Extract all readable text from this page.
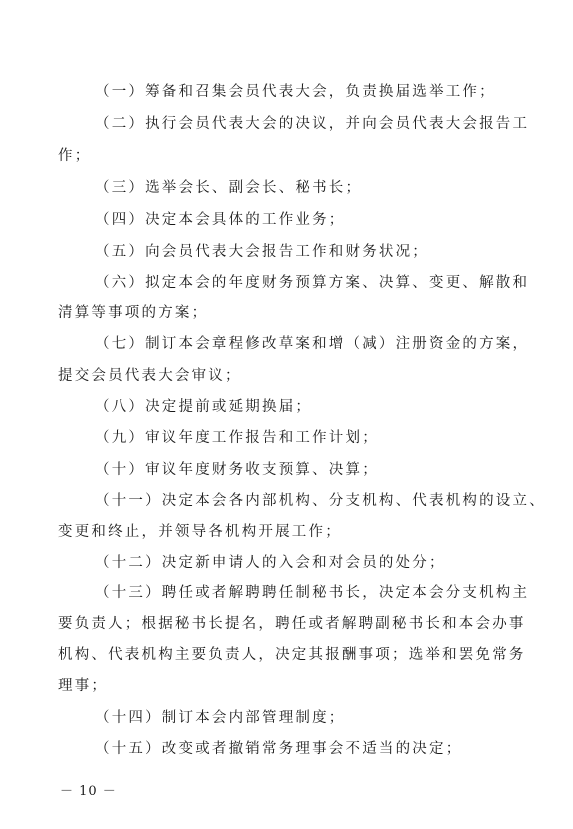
（一）筹备和召集会员代表大会，负责换届选举工作；
（二）执行会员代表大会的决议，并向会员代表大会报告工
作；
（三）选举会长、副会长、秘书长；
（四）决定本会具体的工作业务；
（五）向会员代表大会报告工作和财务状况；
（六）拟定本会的年度财务预算方案、决算、变更、解散和
清算等事项的方案；
（七）制订本会章程修改草案和增（减）注册资金的方案，
提交会员代表大会审议；
（八）决定提前或延期换届；
（九）审议年度工作报告和工作计划；
（十）审议年度财务收支预算、决算；
（十一）决定本会各内部机构、分支机构、代表机构的设立、
变更和终止，并领导各机构开展工作；
（十二）决定新申请人的入会和对会员的处分；
（十三）聘任或者解聘聘任制秘书长，决定本会分支机构主
要负责人；根据秘书长提名，聘任或者解聘副秘书长和本会办事
机构、代表机构主要负责人，决定其报酬事项；选举和罢免常务
理事；
（十四）制订本会内部管理制度；
（十五）改变或者撤销常务理事会不适当的决定；
－ 10 －
